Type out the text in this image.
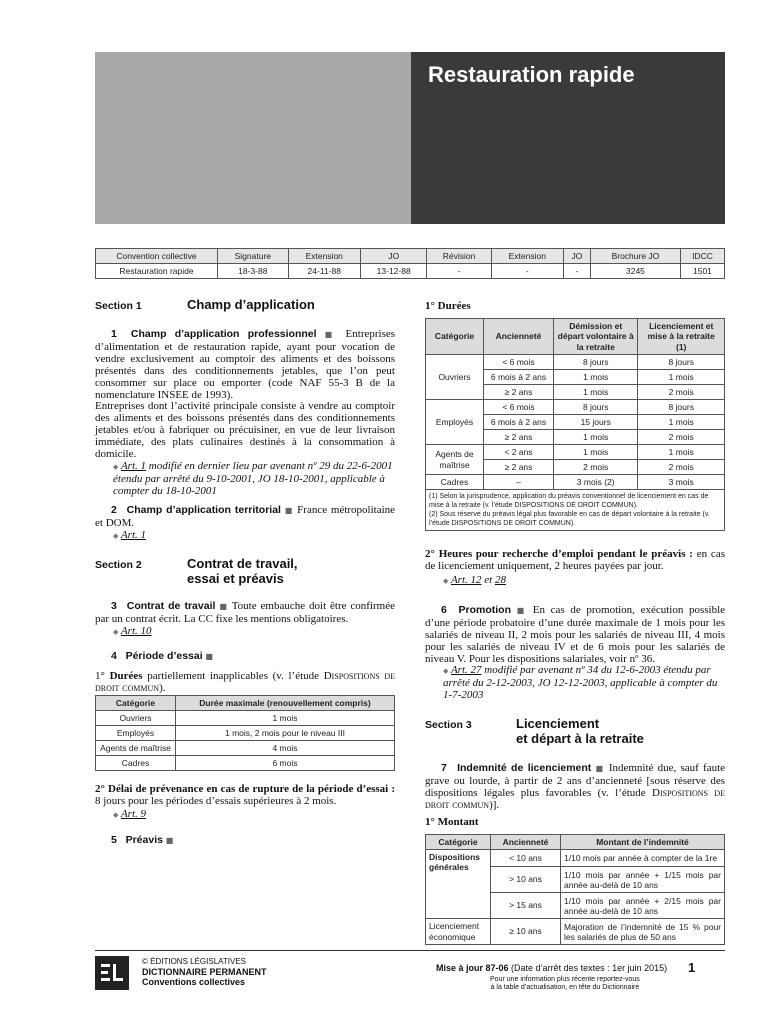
Restauration rapide
Convention collective	Signature	Extension	JO	Révision	Extension	JO	Brochure JO	IDCC
Restauration rapide	18-3-88	24-11-88	13-12-88	-	-	-	3245	1501
Section 1	Champ d’application
1 Champ d’application professionnel ■ Entreprises d’alimentation et de restauration rapide, ayant pour vocation de vendre exclusivement au comptoir des aliments et des boissons présentés dans des conditionnements jetables, que l’on peut consommer sur place ou emporter (code NAF 55-3 B de la nomenclature INSEE de 1993).
Entreprises dont l’activité principale consiste à vendre au comptoir des aliments et des boissons présentés dans des conditionnements jetables et/ou à fabriquer ou précuisiner, en vue de leur livraison immédiate, des plats culinaires destinés à la consommation à domicile.
◆ Art. 1 modifié en dernier lieu par avenant nº 29 du 22-6-2001 étendu par arrêté du 9-10-2001, JO 18-10-2001, applicable à compter du 18-10-2001
2 Champ d’application territorial ■ France métropolitaine et DOM.
◆ Art. 1
Section 2	Contrat de travail,
essai et préavis
3 Contrat de travail ■ Toute embauche doit être confirmée par un contrat écrit. La CC fixe les mentions obligatoires.
◆ Art. 10
4 Période d’essai ■
1° Durées partiellement inapplicables (v. l’étude Dispositions de droit commun).
Catégorie	Durée maximale (renouvellement compris)
Ouvriers	1 mois
Employés	1 mois, 2 mois pour le niveau III
Agents de maîtrise	4 mois
Cadres	6 mois
2° Délai de prévenance en cas de rupture de la période d’essai : 8 jours pour les périodes d’essais supérieures à 2 mois.
◆ Art. 9
5 Préavis ■
1° Durées
Catégorie	Ancienneté	Démission et départ volontaire à la retraite	Licenciement et mise à la retraite (1)
Ouvriers	< 6 mois	8 jours	8 jours
	6 mois à 2 ans	1 mois	1 mois
	≥ 2 ans	1 mois	2 mois
Employés	< 6 mois	8 jours	8 jours
	6 mois à 2 ans	15 jours	1 mois
	≥ 2 ans	1 mois	2 mois
Agents de maîtrise	< 2 ans	1 mois	1 mois
	≥ 2 ans	2 mois	2 mois
Cadres	–	3 mois (2)	3 mois

(1) Selon la jurisprudence, application du préavis conventionnel de licenciement en cas de mise à la retraite (v. l’étude DISPOSITIONS DE DROIT COMMUN).
(2) Sous réserve du préavis légal plus favorable en cas de départ volontaire à la retraite (v. l’étude DISPOSITIONS DE DROIT COMMUN).			
2° Heures pour recherche d’emploi pendant le préavis : en cas de licenciement uniquement, 2 heures payées par jour.
◆ Art. 12 et 28
6 Promotion ■ En cas de promotion, exécution possible d’une période probatoire d’une durée maximale de 1 mois pour les salariés de niveau II, 2 mois pour les salariés de niveau III, 4 mois pour les salariés de niveau IV et de 6 mois pour les salariés de niveau V. Pour les dispositions salariales, voir nº 36.
◆ Art. 27 modifié par avenant nº 34 du 12-6-2003 étendu par arrêté du 2-12-2003, JO 12-12-2003, applicable à compter du 1-7-2003
Section 3	Licenciement
et départ à la retraite
7 Indemnité de licenciement ■ Indemnité due, sauf faute grave ou lourde, à partir de 2 ans d’ancienneté [sous réserve des dispositions légales plus favorables (v. l’étude Dispositions de droit commun)].
1° Montant
Catégorie	Ancienneté	Montant de l’indemnité
Dispositions générales	< 10 ans	1/10 mois par année à compter de la 1re
	> 10 ans	1/10 mois par année + 1/15 mois par année au-delà de 10 ans
	> 15 ans	1/10 mois par année + 2/15 mois par année au-delà de 10 ans
Licenciement économique	≥ 10 ans	Majoration de l’indemnité de 15 % pour les salariés de plus de 50 ans
© ÉDITIONS LÉGISLATIVES
DICTIONNAIRE PERMANENT
Conventions collectives
Mise à jour 87-06 (Date d’arrêt des textes : 1er juin 2015)
Pour une information plus récente reportez-vous
à la table d’actualisation, en tête du Dictionnaire
1
